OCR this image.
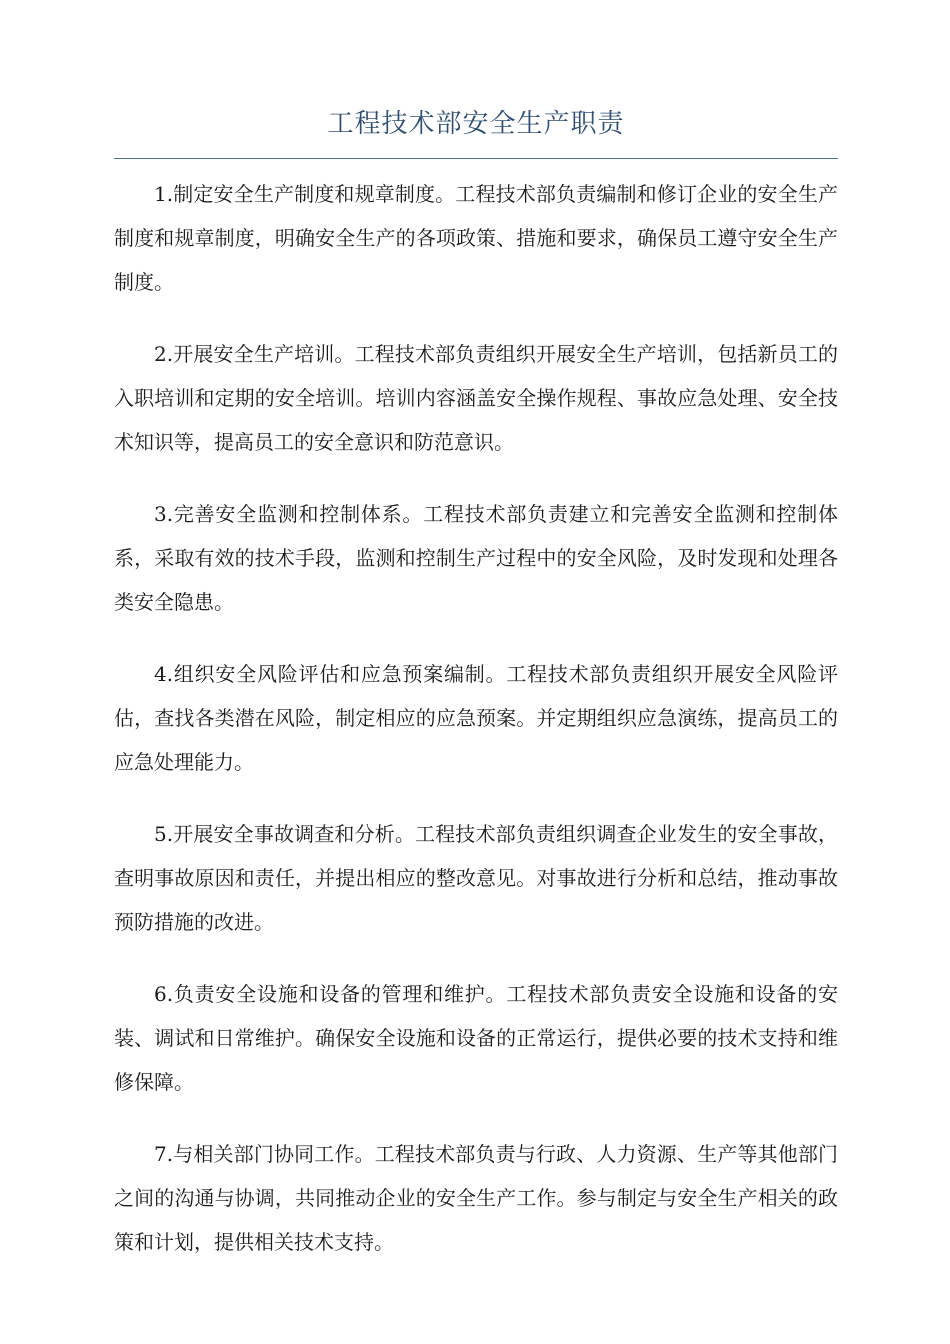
工程技术部安全生产职责

1.制定安全生产制度和规章制度。工程技术部负责编制和修订企业的安全生产制度和规章制度，明确安全生产的各项政策、措施和要求，确保员工遵守安全生产制度。

2.开展安全生产培训。工程技术部负责组织开展安全生产培训，包括新员工的入职培训和定期的安全培训。培训内容涵盖安全操作规程、事故应急处理、安全技术知识等，提高员工的安全意识和防范意识。

3.完善安全监测和控制体系。工程技术部负责建立和完善安全监测和控制体系，采取有效的技术手段，监测和控制生产过程中的安全风险，及时发现和处理各类安全隐患。

4.组织安全风险评估和应急预案编制。工程技术部负责组织开展安全风险评估，查找各类潜在风险，制定相应的应急预案。并定期组织应急演练，提高员工的应急处理能力。

5.开展安全事故调查和分析。工程技术部负责组织调查企业发生的安全事故，查明事故原因和责任，并提出相应的整改意见。对事故进行分析和总结，推动事故预防措施的改进。

6.负责安全设施和设备的管理和维护。工程技术部负责安全设施和设备的安装、调试和日常维护。确保安全设施和设备的正常运行，提供必要的技术支持和维修保障。

7.与相关部门协同工作。工程技术部负责与行政、人力资源、生产等其他部门之间的沟通与协调，共同推动企业的安全生产工作。参与制定与安全生产相关的政策和计划，提供相关技术支持。
